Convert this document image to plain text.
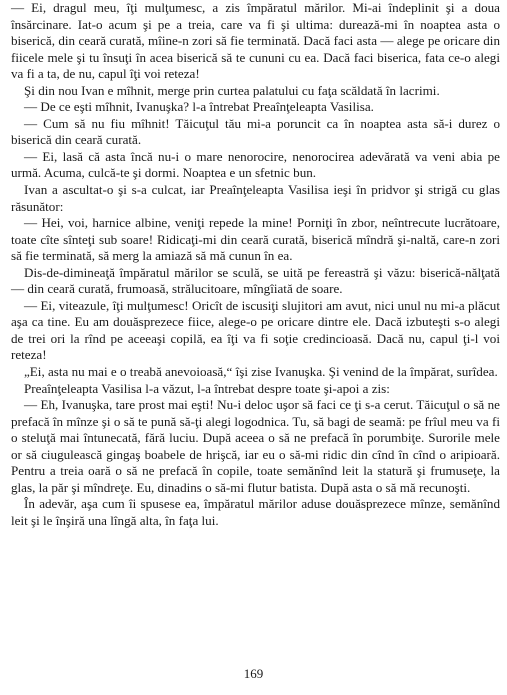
— Ei, dragul meu, îţi mulţumesc, a zis împăratul mărilor. Mi-ai îndeplinit şi a doua însărcinare. Iat-o acum şi pe a treia, care va fi şi ultima: durează-mi în noaptea asta o biserică, din ceară curată, mîine-n zori să fie terminată. Dacă faci asta — alege pe oricare din fiicele mele şi tu însuţi în acea biserică să te cununi cu ea. Dacă faci biserica, fata ce-o alegi va fi a ta, de nu, capul îţi voi reteza!

Şi din nou Ivan e mîhnit, merge prin curtea palatului cu faţa scăldată în lacrimi.

— De ce eşti mîhnit, Ivanuşka? l-a întrebat Preaînţeleapta Vasilisa.

— Cum să nu fiu mîhnit! Tăicuţul tău mi-a poruncit ca în noaptea asta să-i durez o biserică din ceară curată.

— Ei, lasă că asta încă nu-i o mare nenorocire, nenorocirea adevărată va veni abia pe urmă. Acuma, culcă-te şi dormi. Noaptea e un sfetnic bun.

Ivan a ascultat-o şi s-a culcat, iar Preaînţeleapta Vasilisa ieşi în pridvor şi strigă cu glas răsunător:

— Hei, voi, harnice albine, veniţi repede la mine! Porniţi în zbor, neîntrecute lucrătoare, toate cîte sînteţi sub soare! Ridicaţi-mi din ceară curată, biserică mîndră şi-naltă, care-n zori să fie terminată, să merg la amiază să mă cunun în ea.

Dis-de-dimineaţă împăratul mărilor se sculă, se uită pe fereastră şi văzu: biserică-nălţată — din ceară curată, frumoasă, strălucitoare, mîngîiată de soare.

— Ei, viteazule, îţi mulţumesc! Oricît de iscusiţi slujitori am avut, nici unul nu mi-a plăcut aşa ca tine. Eu am douăsprezece fiice, alege-o pe oricare dintre ele. Dacă izbuteşti s-o alegi de trei ori la rînd pe aceeaşi copilă, ea îţi va fi soţie credincioasă. Dacă nu, capul ţi-l voi reteza!

„Ei, asta nu mai e o treabă anevoioasă,“ îşi zise Ivanuşka. Şi venind de la împărat, surîdea.

Preaînţeleapta Vasilisa l-a văzut, l-a întrebat despre toate şi-apoi a zis:

— Eh, Ivanuşka, tare prost mai eşti! Nu-i deloc uşor să faci ce ţi s-a cerut. Tăicuţul o să ne prefacă în mînze şi o să te pună să-ţi alegi logodnica. Tu, să bagi de seamă: pe frîul meu va fi o steluţă mai întunecată, fără luciu. După aceea o să ne prefacă în porumbiţe. Surorile mele or să ciugulească gingaş boabele de hrişcă, iar eu o să-mi ridic din cînd în cînd o aripioară. Pentru a treia oară o să ne prefacă în copile, toate semănînd leit la statură şi frumuseţe, la glas, la păr şi mîndreţe. Eu, dinadins o să-mi flutur batista. După asta o să mă recunoşti.

În adevăr, aşa cum îi spusese ea, împăratul mărilor aduse douăsprezece mînze, semănînd leit şi le înşiră una lîngă alta, în faţa lui.

169
